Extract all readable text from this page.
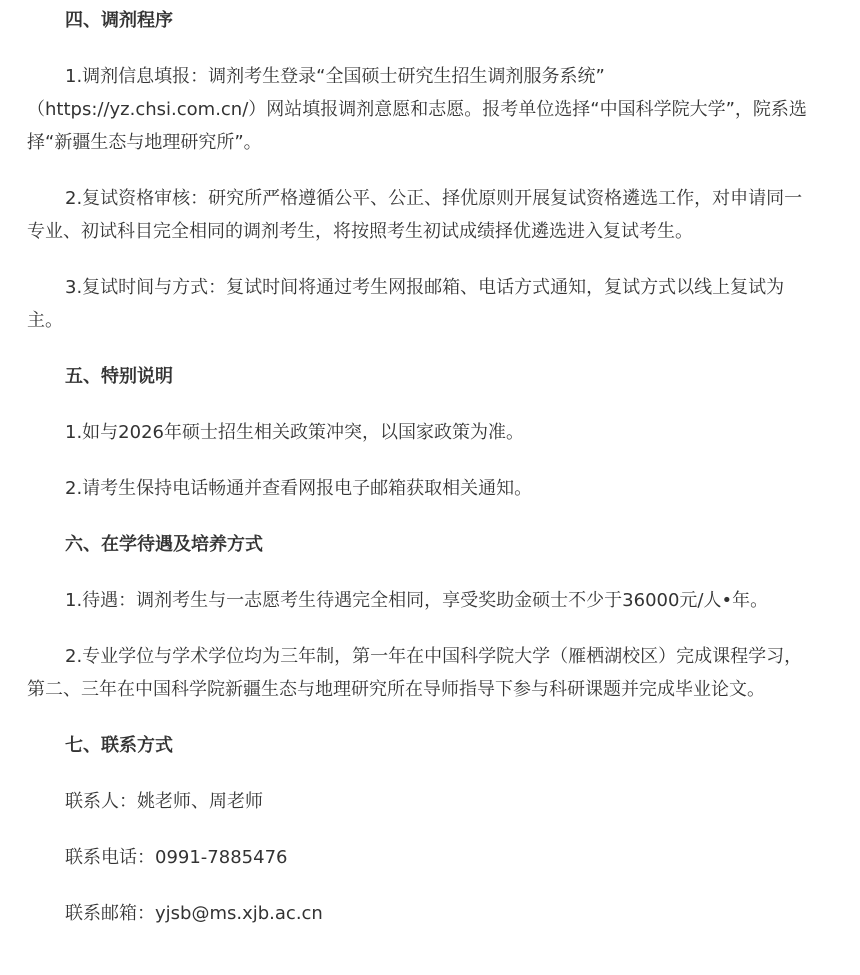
四、调剂程序

1.调剂信息填报：调剂考生登录“全国硕士研究生招生调剂服务系统” （https://yz.chsi.com.cn/）网站填报调剂意愿和志愿。报考单位选择“中国科学院大学”，院系选择“新疆生态与地理研究所”。

2.复试资格审核：研究所严格遵循公平、公正、择优原则开展复试资格遴选工作，对申请同一专业、初试科目完全相同的调剂考生，将按照考生初试成绩择优遴选进入复试考生。

3.复试时间与方式：复试时间将通过考生网报邮箱、电话方式通知，复试方式以线上复试为主。

五、特别说明

1.如与2026年硕士招生相关政策冲突，以国家政策为准。

2.请考生保持电话畅通并查看网报电子邮箱获取相关通知。

六、在学待遇及培养方式

1.待遇：调剂考生与一志愿考生待遇完全相同，享受奖助金硕士不少于36000元/人•年。

2.专业学位与学术学位均为三年制，第一年在中国科学院大学（雁栖湖校区）完成课程学习，第二、三年在中国科学院新疆生态与地理研究所在导师指导下参与科研课题并完成毕业论文。

七、联系方式

联系人：姚老师、周老师

联系电话：0991-7885476

联系邮箱：yjsb@ms.xjb.ac.cn
